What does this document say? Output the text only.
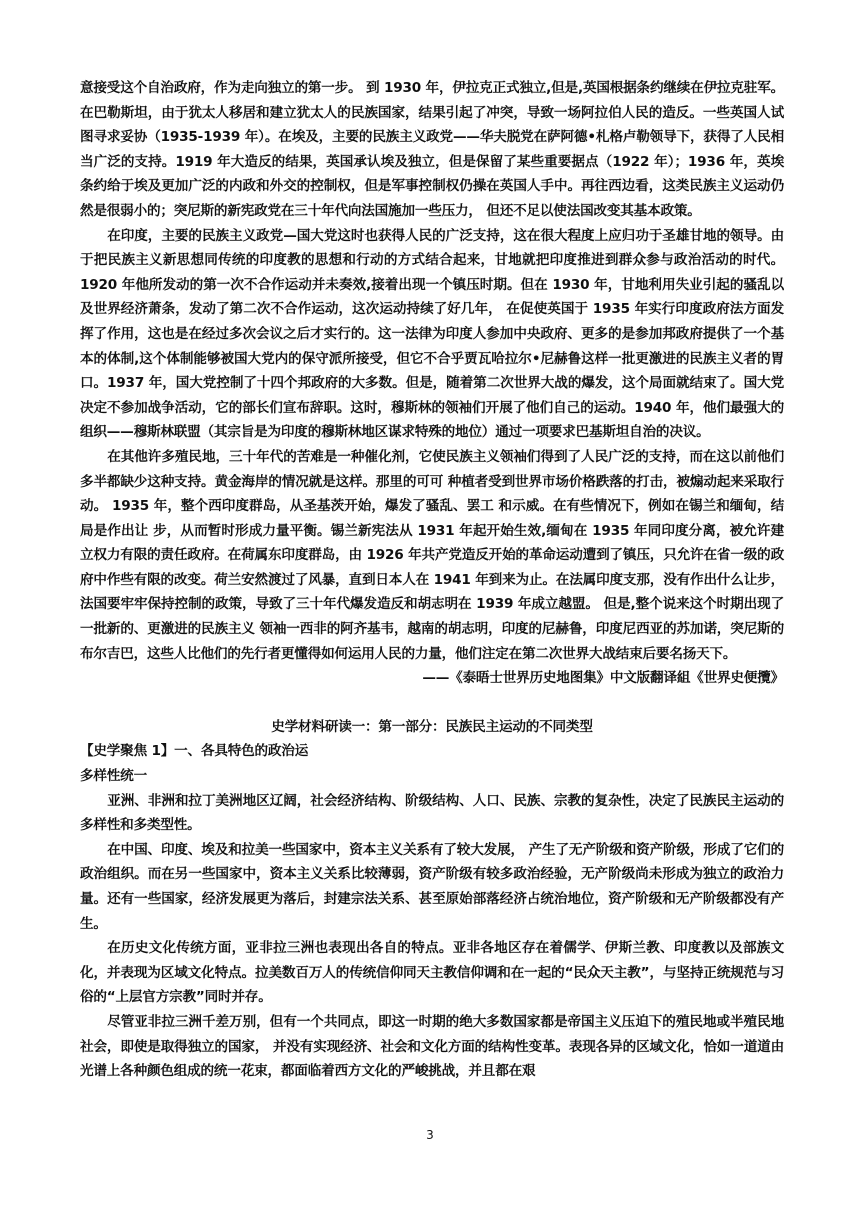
意接受这个自治政府，作为走向独立的第一步。 到 1930 年，伊拉克正式独立,但是,英国根据条约继续在伊拉克驻军。在巴勒斯坦，由于犹太人移居和建立犹太人的民族国家，结果引起了冲突，导致一场阿拉伯人民的造反。一些英国人试图寻求妥协（1935-1939 年）。在埃及，主要的民族主义政党——华夫脱党在萨阿德•札格卢勒领导下，获得了人民相当广泛的支持。1919 年大造反的结果，英国承认埃及独立，但是保留了某些重要据点（1922 年）；1936 年，英埃条约给于埃及更加广泛的内政和外交的控制权，但是军事控制权仍操在英国人手中。再往西边看，这类民族主义运动仍然是很弱小的；突尼斯的新宪政党在三十年代向法国施加一些压力， 但还不足以使法国改变其基本政策。

在印度，主要的民族主义政党—国大党这时也获得人民的广泛支持，这在很大程度上应归功于圣雄甘地的领导。由于把民族主义新思想同传统的印度教的思想和行动的方式结合起来，甘地就把印度推进到群众参与政治活动的时代。1920 年他所发动的第一次不合作运动并未奏效,接着出现一个镇压时期。但在 1930 年，甘地利用失业引起的骚乱以及世界经济萧条，发动了第二次不合作运动，这次运动持续了好几年， 在促使英国于 1935 年实行印度政府法方面发挥了作用，这也是在经过多次会议之后才实行的。这一法律为印度人参加中央政府、更多的是参加邦政府提供了一个基本的体制,这个体制能够被国大党内的保守派所接受，但它不合乎贾瓦哈拉尔•尼赫鲁这样一批更激进的民族主义者的胃口。1937 年，国大党控制了十四个邦政府的大多数。但是，随着第二次世界大战的爆发，这个局面就结束了。国大党决定不参加战争活动，它的部长们宣布辞职。这时，穆斯林的领袖们开展了他们自己的运动。1940 年，他们最强大的组织——穆斯林联盟（其宗旨是为印度的穆斯林地区谋求特殊的地位）通过一项要求巴基斯坦自治的决议。

在其他许多殖民地，三十年代的苦难是一种催化剂，它使民族主义领袖们得到了人民广泛的支持，而在这以前他们多半都缺少这种支持。黄金海岸的情况就是这样。那里的可可 种植者受到世界市场价格跌落的打击，被煽动起来采取行动。 1935 年，整个西印度群岛，从圣基茨开始，爆发了骚乱、罢工 和示威。在有些情况下，例如在锡兰和缅甸，结局是作出让 步，从而暂时形成力量平衡。锡兰新宪法从 1931 年起开始生效,缅甸在 1935 年同印度分离，被允许建立权力有限的责任政府。在荷属东印度群岛，由 1926 年共产党造反开始的革命运动遭到了镇压，只允许在省一级的政府中作些有限的改变。荷兰安然渡过了风暴，直到日本人在 1941 年到来为止。在法属印度支那，没有作出什么让步，法国要牢牢保持控制的政策，导致了三十年代爆发造反和胡志明在 1939 年成立越盟。 但是,整个说来这个时期出现了一批新的、更激进的民族主义 领袖一西非的阿齐基韦，越南的胡志明，印度的尼赫鲁，印度尼西亚的苏加诺，突尼斯的布尔吉巴，这些人比他们的先行者更懂得如何运用人民的力量，他们注定在第二次世界大战结束后要名扬天下。

——《泰晤士世界历史地图集》中文版翻译組《世界史便攬》

史学材料研读一：第一部分：民族民主运动的不同类型

【史学聚焦 1】一、各具特色的政治运

多样性统一

亚洲、非洲和拉丁美洲地区辽阔，社会经济结构、阶级结构、人口、民族、宗教的复杂性，决定了民族民主运动的多样性和多类型性。

在中国、印度、埃及和拉美一些国家中，资本主义关系有了较大发展， 产生了无产阶级和资产阶级，形成了它们的政治组织。而在另一些国家中，资本主义关系比较薄弱，资产阶级有较多政治经验，无产阶级尚未形成为独立的政治力量。还有一些国家，经济发展更为落后，封建宗法关系、甚至原始部落经济占统治地位，资产阶级和无产阶级都没有产生。

在历史文化传统方面，亚非拉三洲也表现出各自的特点。亚非各地区存在着儒学、伊斯兰教、印度教以及部族文化，并表现为区域文化特点。拉美数百万人的传统信仰同天主教信仰调和在一起的“民众天主教”，与坚持正统规范与习俗的“上层官方宗教”同时并存。

尽管亚非拉三洲千差万别，但有一个共同点，即这一时期的绝大多数国家都是帝国主义压迫下的殖民地或半殖民地社会，即使是取得独立的国家， 并没有实现经济、社会和文化方面的结构性变革。表现各异的区域文化，恰如一道道由光谱上各种颜色组成的统一花束，都面临着西方文化的严峻挑战，并且都在艰

3
